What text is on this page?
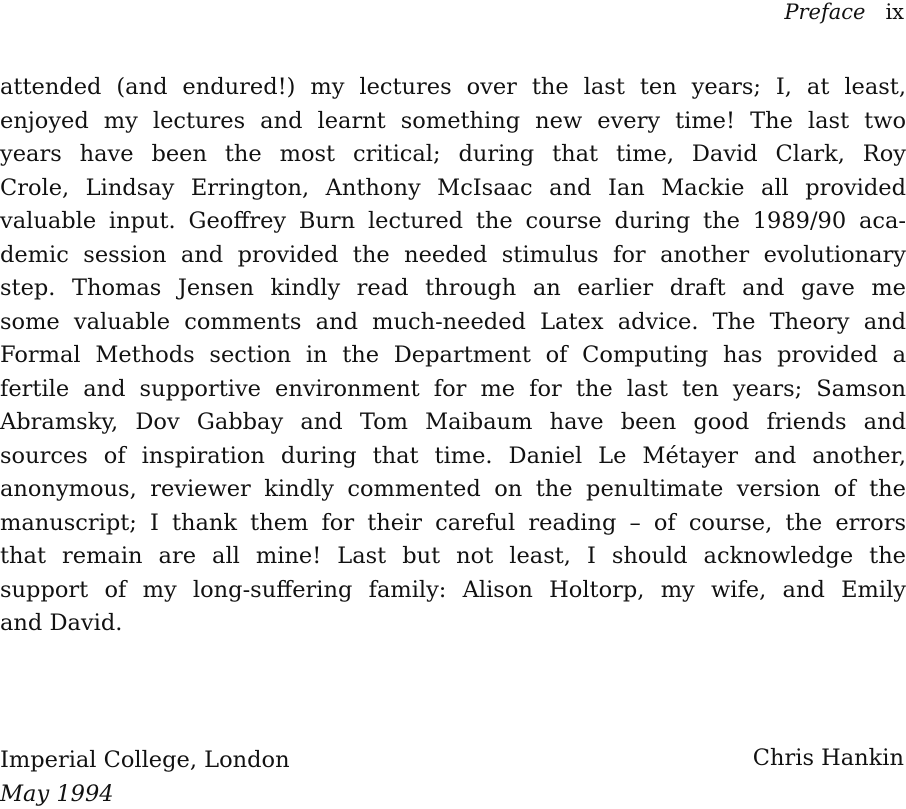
Preface ix
attended (and endured!) my lectures over the last ten years; I, at least,
enjoyed my lectures and learnt something new every time! The last two
years have been the most critical; during that time, David Clark, Roy
Crole, Lindsay Errington, Anthony McIsaac and Ian Mackie all provided
valuable input. Geoffrey Burn lectured the course during the 1989/90 aca-
demic session and provided the needed stimulus for another evolutionary
step. Thomas Jensen kindly read through an earlier draft and gave me
some valuable comments and much-needed Latex advice. The Theory and
Formal Methods section in the Department of Computing has provided a
fertile and supportive environment for me for the last ten years; Samson
Abramsky, Dov Gabbay and Tom Maibaum have been good friends and
sources of inspiration during that time. Daniel Le Métayer and another,
anonymous, reviewer kindly commented on the penultimate version of the
manuscript; I thank them for their careful reading – of course, the errors
that remain are all mine! Last but not least, I should acknowledge the
support of my long-suffering family: Alison Holtorp, my wife, and Emily
and David.

Chris Hankin

Imperial College, London

May 1994
